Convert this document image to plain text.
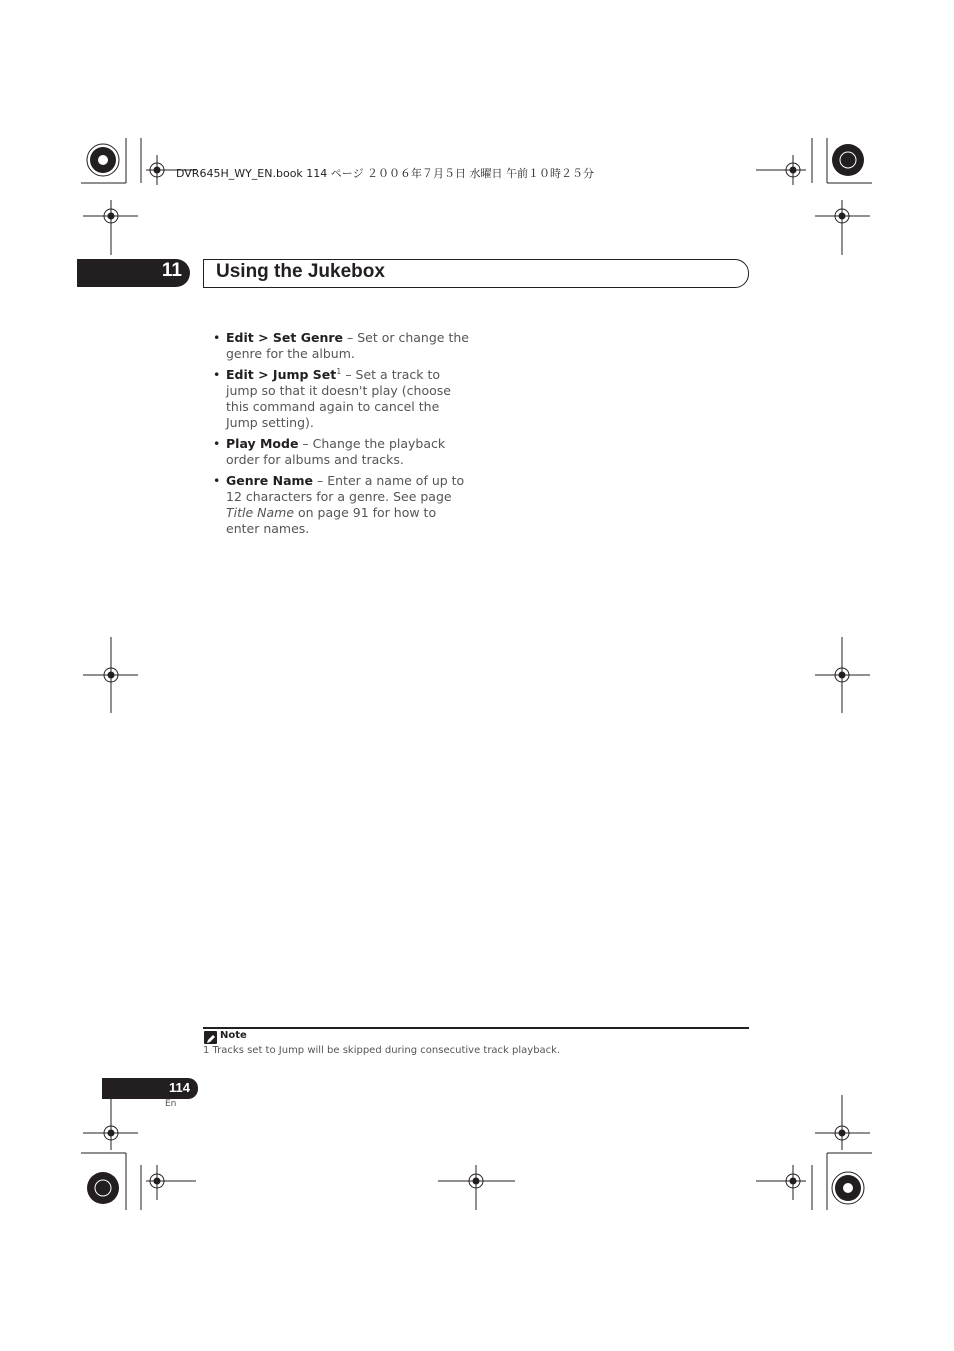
DVR645H_WY_EN.book 114 ページ ２００６年７月５日 水曜日 午前１０時２５分
11 Using the Jukebox
• Edit > Set Genre – Set or change the genre for the album.
• Edit > Jump Set$^1$ – Set a track to jump so that it doesn't play (choose this command again to cancel the Jump setting).
• Play Mode – Change the playback order for albums and tracks.
• Genre Name – Enter a name of up to 12 characters for a genre. See page Title Name on page 91 for how to enter names.
Note
1 Tracks set to Jump will be skipped during consecutive track playback.
114
En
